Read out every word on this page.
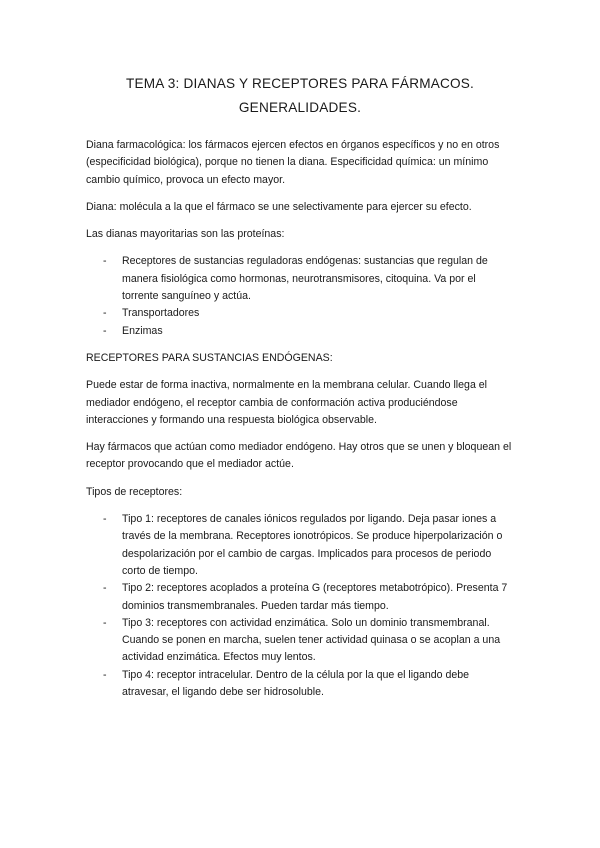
TEMA 3: DIANAS Y RECEPTORES PARA FÁRMACOS.
GENERALIDADES.

Diana farmacológica: los fármacos ejercen efectos en órganos específicos y no en otros (especificidad biológica), porque no tienen la diana. Especificidad química: un mínimo cambio químico, provoca un efecto mayor.

Diana: molécula a la que el fármaco se une selectivamente para ejercer su efecto.

Las dianas mayoritarias son las proteínas:

- Receptores de sustancias reguladoras endógenas: sustancias que regulan de manera fisiológica como hormonas, neurotransmisores, citoquina. Va por el torrente sanguíneo y actúa.
- Transportadores
- Enzimas

RECEPTORES PARA SUSTANCIAS ENDÓGENAS:

Puede estar de forma inactiva, normalmente en la membrana celular. Cuando llega el mediador endógeno, el receptor cambia de conformación activa produciéndose interacciones y formando una respuesta biológica observable.

Hay fármacos que actúan como mediador endógeno. Hay otros que se unen y bloquean el receptor provocando que el mediador actúe.

Tipos de receptores:

- Tipo 1: receptores de canales iónicos regulados por ligando. Deja pasar iones a través de la membrana. Receptores ionotrópicos. Se produce hiperpolarización o despolarización por el cambio de cargas. Implicados para procesos de periodo corto de tiempo.
- Tipo 2: receptores acoplados a proteína G (receptores metabotrópico). Presenta 7 dominios transmembranales. Pueden tardar más tiempo.
- Tipo 3: receptores con actividad enzimática. Solo un dominio transmembranal. Cuando se ponen en marcha, suelen tener actividad quinasa o se acoplan a una actividad enzimática. Efectos muy lentos.
- Tipo 4: receptor intracelular. Dentro de la célula por la que el ligando debe atravesar, el ligando debe ser hidrosoluble.
